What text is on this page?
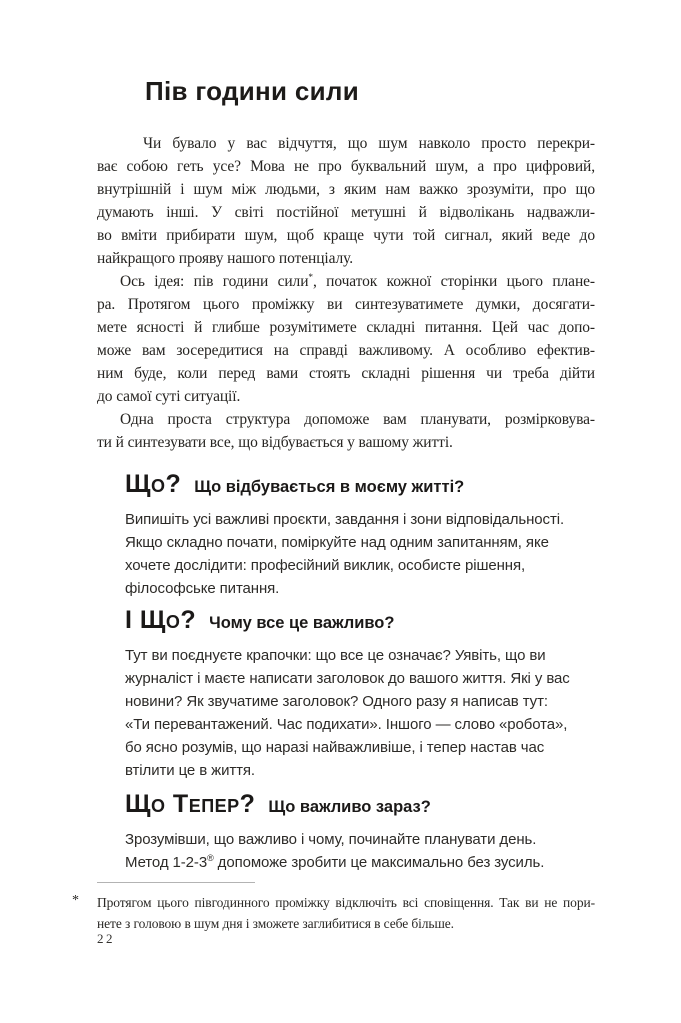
Пів години сили
Чи бувало у вас відчуття, що шум навколо просто перекри-
ває собою геть усе? Мова не про буквальний шум, а про цифровий,
внутрішній і шум між людьми, з яким нам важко зрозуміти, про що
думають інші. У світі постійної метушні й відволікань надважли-
во вміти прибирати шум, щоб краще чути той сигнал, який веде до
найкращого прояву нашого потенціалу.
Ось ідея: пів години сили*, початок кожної сторінки цього плане-
ра. Протягом цього проміжку ви синтезуватимете думки, досягати-
мете ясності й глибше розумітимете складні питання. Цей час допо-
може вам зосередитися на справді важливому. А особливо ефектив-
ним буде, коли перед вами стоять складні рішення чи треба дійти
до самої суті ситуації.
Одна проста структура допоможе вам планувати, розмірковува-
ти й синтезувати все, що відбувається у вашому житті.
Що? Що відбувається в моєму житті?
Випишіть усі важливі проєкти, завдання і зони відповідальності.
Якщо складно почати, поміркуйте над одним запитанням, яке
хочете дослідити: професійний виклик, особисте рішення,
філософське питання.
І Що? Чому все це важливо?
Тут ви поєднуєте крапочки: що все це означає? Уявіть, що ви
журналіст і маєте написати заголовок до вашого життя. Які у вас
новини? Як звучатиме заголовок? Одного разу я написав тут:
«Ти перевантажений. Час подихати». Іншого — слово «робота»,
бо ясно розумів, що наразі найважливіше, і тепер настав час
втілити це в життя.
Що Тепер? Що важливо зараз?
Зрозумівши, що важливо і чому, починайте планувати день.
Метод 1-2-3® допоможе зробити це максимально без зусиль.
* Протягом цього півгодинного проміжку відключіть всі сповіщення. Так ви не пори-
нете з головою в шум дня і зможете заглибитися в себе більше.
22
